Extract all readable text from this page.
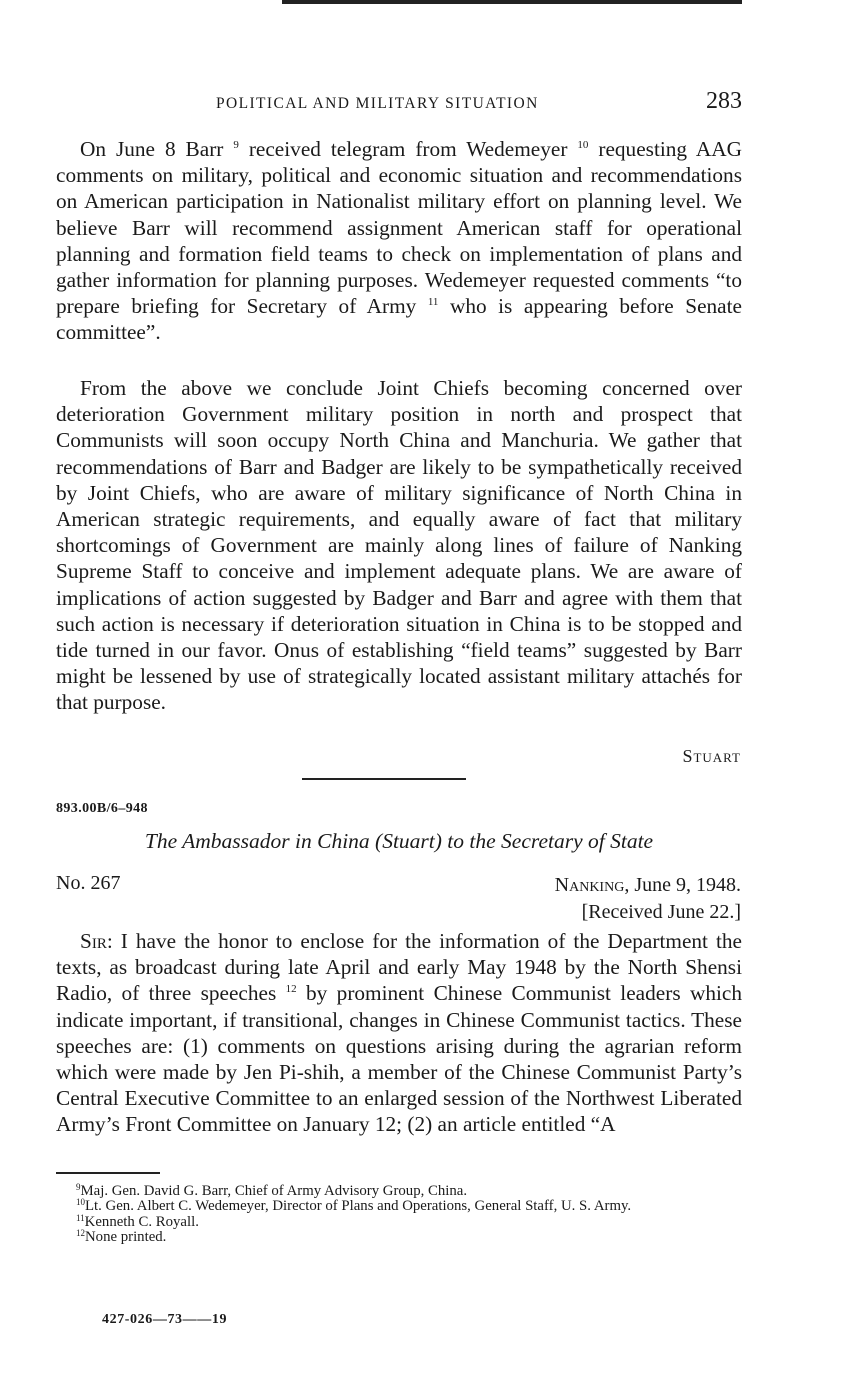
POLITICAL AND MILITARY SITUATION	283

On June 8 Barr $^9$ received telegram from Wedemeyer $^{10}$ requesting AAG comments on military, political and economic situation and recommendations on American participation in Nationalist military effort on planning level. We believe Barr will recommend assignment American staff for operational planning and formation field teams to check on implementation of plans and gather information for planning purposes. Wedemeyer requested comments “to prepare briefing for Secretary of Army $^{11}$ who is appearing before Senate committee”.

From the above we conclude Joint Chiefs becoming concerned over deterioration Government military position in north and prospect that Communists will soon occupy North China and Manchuria. We gather that recommendations of Barr and Badger are likely to be sympathetically received by Joint Chiefs, who are aware of military significance of North China in American strategic requirements, and equally aware of fact that military shortcomings of Government are mainly along lines of failure of Nanking Supreme Staff to conceive and implement adequate plans. We are aware of implications of action suggested by Badger and Barr and agree with them that such action is necessary if deterioration situation in China is to be stopped and tide turned in our favor. Onus of establishing “field teams” suggested by Barr might be lessened by use of strategically located assistant military attachés for that purpose.

Stuart
893.00B/6–948
The Ambassador in China (Stuart) to the Secretary of State
No. 267	Nanking, June 9, 1948.
[Received June 22.]

Sir: I have the honor to enclose for the information of the Department the texts, as broadcast during late April and early May 1948 by the North Shensi Radio, of three speeches $^{12}$ by prominent Chinese Communist leaders which indicate important, if transitional, changes in Chinese Communist tactics. These speeches are: (1) comments on questions arising during the agrarian reform which were made by Jen Pi-shih, a member of the Chinese Communist Party’s Central Executive Committee to an enlarged session of the Northwest Liberated Army’s Front Committee on January 12; (2) an article entitled “A

$^9$Maj. Gen. David G. Barr, Chief of Army Advisory Group, China.

$^{10}$Lt. Gen. Albert C. Wedemeyer, Director of Plans and Operations, General Staff, U. S. Army.

$^{11}$Kenneth C. Royall.

$^{12}$None printed.

427-026—73——19
